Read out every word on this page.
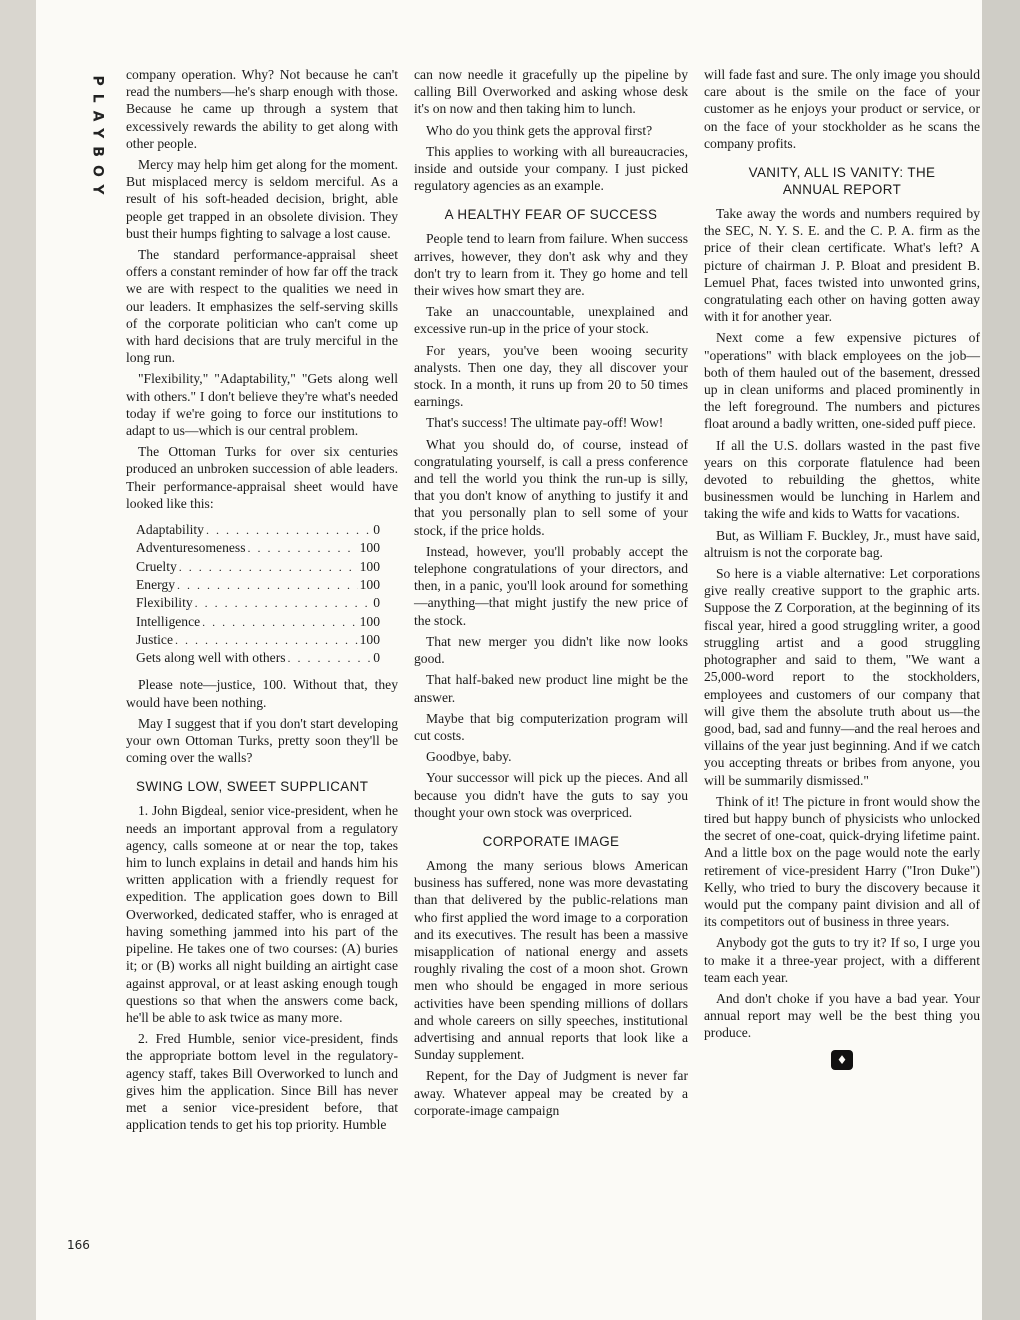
PLAYBOY
166

company operation. Why? Not because he can't read the numbers—he's sharp enough with those. Because he came up through a system that excessively rewards the ability to get along with other people.

Mercy may help him get along for the moment. But misplaced mercy is seldom merciful. As a result of his soft-headed decision, bright, able people get trapped in an obsolete division. They bust their humps fighting to salvage a lost cause.

The standard performance-appraisal sheet offers a constant reminder of how far off the track we are with respect to the qualities we need in our leaders. It emphasizes the self-serving skills of the corporate politician who can't come up with hard decisions that are truly merciful in the long run.

"Flexibility," "Adaptability," "Gets along well with others." I don't believe they're what's needed today if we're going to force our institutions to adapt to us—which is our central problem.

The Ottoman Turks for over six centuries produced an unbroken succession of able leaders. Their performance-appraisal sheet would have looked like this:

Adaptability . . .	0
Adventuresomeness . . .	100
Cruelty . . .	100
Energy . . .	100
Flexibility . . .	0
Intelligence . . .	100
Justice . . .	100
Gets along well with others . . .	0

Please note—justice, 100. Without that, they would have been nothing.

May I suggest that if you don't start developing your own Ottoman Turks, pretty soon they'll be coming over the walls?

SWING LOW, SWEET SUPPLICANT

1. John Bigdeal, senior vice-president, when he needs an important approval from a regulatory agency, calls someone at or near the top, takes him to lunch explains in detail and hands him his written application with a friendly request for expedition. The application goes down to Bill Overworked, dedicated staffer, who is enraged at having something jammed into his part of the pipeline. He takes one of two courses: (A) buries it; or (B) works all night building an airtight case against approval, or at least asking enough tough questions so that when the answers come back, he'll be able to ask twice as many more.

2. Fred Humble, senior vice-president, finds the appropriate bottom level in the regulatory-agency staff, takes Bill Overworked to lunch and gives him the application. Since Bill has never met a senior vice-president before, that application tends to get his top priority. Humble

can now needle it gracefully up the pipeline by calling Bill Overworked and asking whose desk it's on now and then taking him to lunch.

Who do you think gets the approval first?

This applies to working with all bureaucracies, inside and outside your company. I just picked regulatory agencies as an example.

A HEALTHY FEAR OF SUCCESS

People tend to learn from failure. When success arrives, however, they don't ask why and they don't try to learn from it. They go home and tell their wives how smart they are.

Take an unaccountable, unexplained and excessive run-up in the price of your stock.

For years, you've been wooing security analysts. Then one day, they all discover your stock. In a month, it runs up from 20 to 50 times earnings.

That's success! The ultimate pay-off! Wow!

What you should do, of course, instead of congratulating yourself, is call a press conference and tell the world you think the run-up is silly, that you don't know of anything to justify it and that you personally plan to sell some of your stock, if the price holds.

Instead, however, you'll probably accept the telephone congratulations of your directors, and then, in a panic, you'll look around for something—anything—that might justify the new price of the stock.

That new merger you didn't like now looks good.

That half-baked new product line might be the answer.

Maybe that big computerization program will cut costs.

Goodbye, baby.

Your successor will pick up the pieces. And all because you didn't have the guts to say you thought your own stock was overpriced.

CORPORATE IMAGE

Among the many serious blows American business has suffered, none was more devastating than that delivered by the public-relations man who first applied the word image to a corporation and its executives. The result has been a massive misapplication of national energy and assets roughly rivaling the cost of a moon shot. Grown men who should be engaged in more serious activities have been spending millions of dollars and whole careers on silly speeches, institutional advertising and annual reports that look like a Sunday supplement.

Repent, for the Day of Judgment is never far away. Whatever appeal may be created by a corporate-image campaign

will fade fast and sure. The only image you should care about is the smile on the face of your customer as he enjoys your product or service, or on the face of your stockholder as he scans the company profits.

VANITY, ALL IS VANITY: THE
ANNUAL REPORT

Take away the words and numbers required by the SEC, N. Y. S. E. and the C. P. A. firm as the price of their clean certificate. What's left? A picture of chairman J. P. Bloat and president B. Lemuel Phat, faces twisted into unwonted grins, congratulating each other on having gotten away with it for another year.

Next come a few expensive pictures of "operations" with black employees on the job—both of them hauled out of the basement, dressed up in clean uniforms and placed prominently in the left foreground. The numbers and pictures float around a badly written, one-sided puff piece.

If all the U.S. dollars wasted in the past five years on this corporate flatulence had been devoted to rebuilding the ghettos, white businessmen would be lunching in Harlem and taking the wife and kids to Watts for vacations.

But, as William F. Buckley, Jr., must have said, altruism is not the corporate bag.

So here is a viable alternative: Let corporations give really creative support to the graphic arts. Suppose the Z Corporation, at the beginning of its fiscal year, hired a good struggling writer, a good struggling artist and a good struggling photographer and said to them, "We want a 25,000-word report to the stockholders, employees and customers of our company that will give them the absolute truth about us—the good, bad, sad and funny—and the real heroes and villains of the year just beginning. And if we catch you accepting threats or bribes from anyone, you will be summarily dismissed."

Think of it! The picture in front would show the tired but happy bunch of physicists who unlocked the secret of one-coat, quick-drying lifetime paint. And a little box on the page would note the early retirement of vice-president Harry ("Iron Duke") Kelly, who tried to bury the discovery because it would put the company paint division and all of its competitors out of business in three years.

Anybody got the guts to try it? If so, I urge you to make it a three-year project, with a different team each year.

And don't choke if you have a bad year. Your annual report may well be the best thing you produce.

♦
